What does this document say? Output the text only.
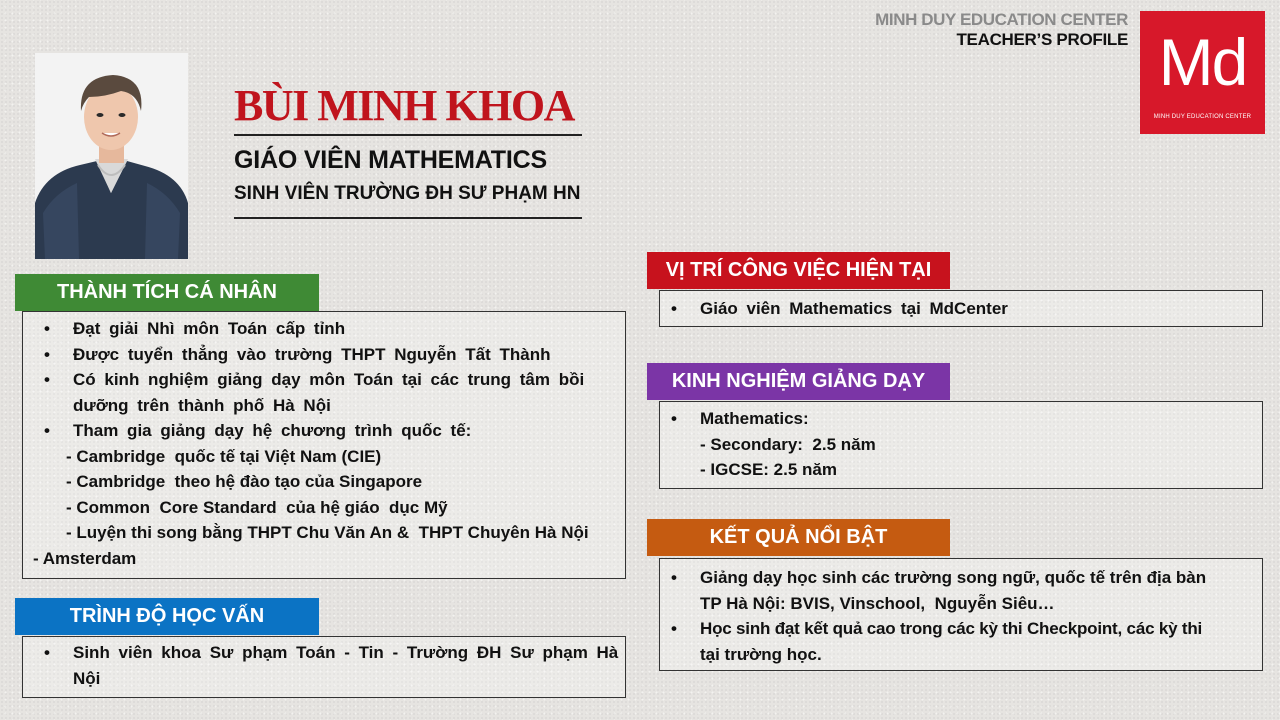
MINH DUY EDUCATION CENTER
TEACHER’S PROFILE Md
MINH DUY EDUCATION CENTER
BÙI MINH KHOA
GIÁO VIÊN MATHEMATICS
SINH VIÊN TRƯỜNG ĐH SƯ PHẠM HN
THÀNH TÍCH CÁ NHÂN
• Đạt giải Nhì môn Toán cấp tỉnh
• Được tuyển thẳng vào trường THPT Nguyễn Tất Thành
• Có kinh nghiệm giảng dạy môn Toán tại các trung tâm bồi
dưỡng trên thành phố Hà Nội
• Tham gia giảng dạy hệ chương trình quốc tế:
- Cambridge  quốc tế tại Việt Nam (CIE)
- Cambridge  theo hệ đào tạo của Singapore
- Common  Core Standard  của hệ giáo  dục Mỹ
- Luyện thi song bằng THPT Chu Văn An &  THPT Chuyên Hà Nội
- Amsterdam
TRÌNH ĐỘ HỌC VẤN
• Sinh viên khoa Sư phạm Toán - Tin - Trường ĐH Sư phạm Hà
Nội
VỊ TRÍ CÔNG VIỆC HIỆN TẠI
• Giáo viên Mathematics tại MdCenter
KINH NGHIỆM GIẢNG DẠY
• Mathematics:
- Secondary:  2.5 năm
- IGCSE: 2.5 năm
KẾT QUẢ NỔI BẬT
• Giảng dạy học sinh các trường song ngữ, quốc tế trên địa bàn
TP Hà Nội: BVIS, Vinschool,  Nguyễn Siêu…
• Học sinh đạt kết quả cao trong các kỳ thi Checkpoint, các kỳ thi
tại trường học.
